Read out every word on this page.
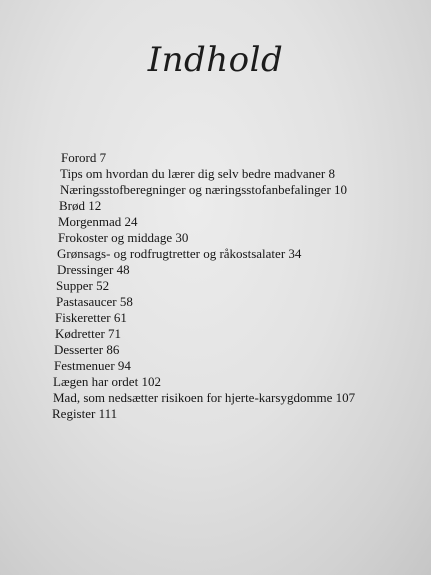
Indhold
Forord 7
Tips om hvordan du lærer dig selv bedre madvaner 8
Næringsstofberegninger og næringsstofanbefalinger 10
Brød 12
Morgenmad 24
Frokoster og middage 30
Grønsags- og rodfrugtretter og råkostsalater 34
Dressinger 48
Supper 52
Pastasaucer 58
Fiskeretter 61
Kødretter 71
Desserter 86
Festmenuer 94
Lægen har ordet 102
Mad, som nedsætter risikoen for hjerte-karsygdomme 107
Register 111
